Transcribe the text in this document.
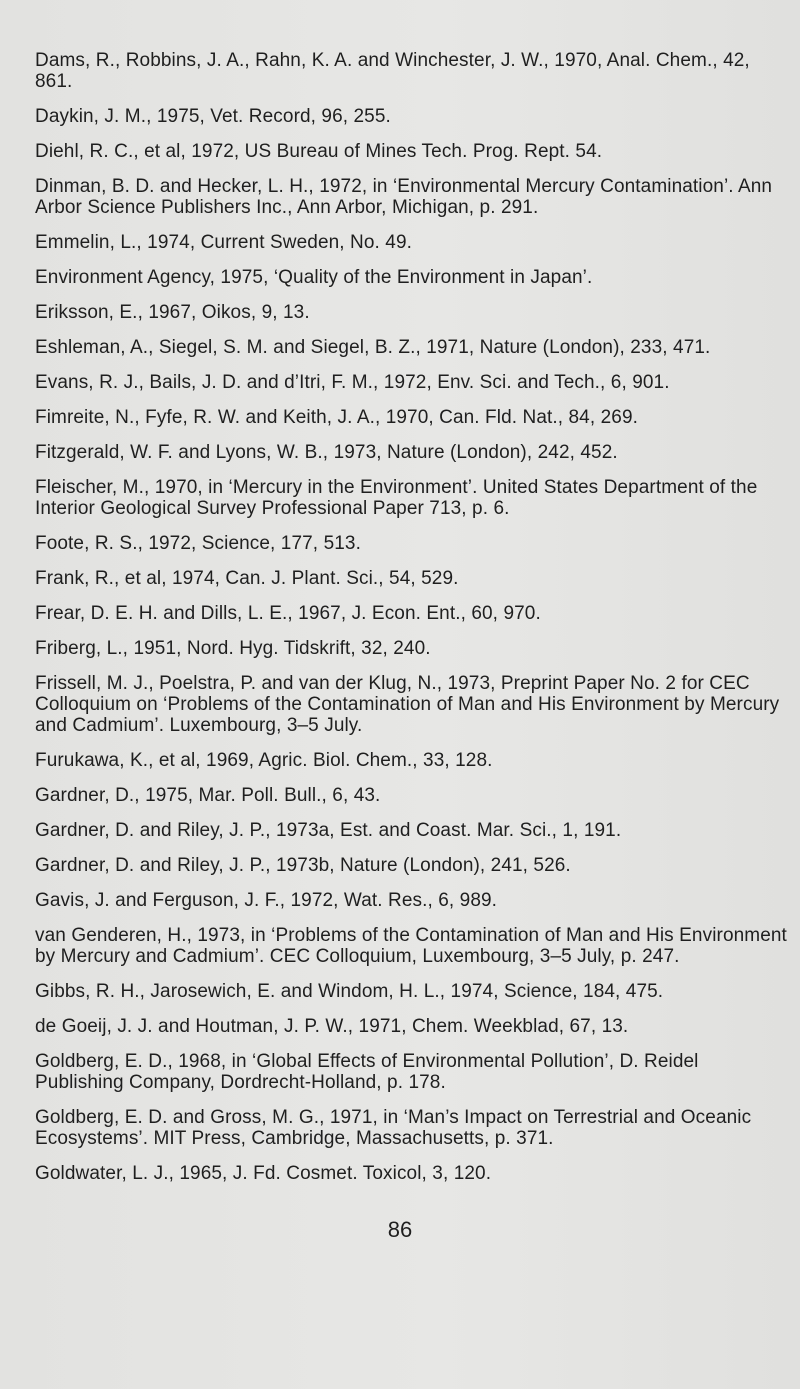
Dams, R., Robbins, J. A., Rahn, K. A. and Winchester, J. W., 1970, Anal. Chem., 42, 861.
Daykin, J. M., 1975, Vet. Record, 96, 255.
Diehl, R. C., et al, 1972, US Bureau of Mines Tech. Prog. Rept. 54.
Dinman, B. D. and Hecker, L. H., 1972, in ‘Environmental Mercury Contamination’. Ann Arbor Science Publishers Inc., Ann Arbor, Michigan, p. 291.
Emmelin, L., 1974, Current Sweden, No. 49.
Environment Agency, 1975, ‘Quality of the Environment in Japan’.
Eriksson, E., 1967, Oikos, 9, 13.
Eshleman, A., Siegel, S. M. and Siegel, B. Z., 1971, Nature (London), 233, 471.
Evans, R. J., Bails, J. D. and d’Itri, F. M., 1972, Env. Sci. and Tech., 6, 901.
Fimreite, N., Fyfe, R. W. and Keith, J. A., 1970, Can. Fld. Nat., 84, 269.
Fitzgerald, W. F. and Lyons, W. B., 1973, Nature (London), 242, 452.
Fleischer, M., 1970, in ‘Mercury in the Environment’. United States Department of the Interior Geological Survey Professional Paper 713, p. 6.
Foote, R. S., 1972, Science, 177, 513.
Frank, R., et al, 1974, Can. J. Plant. Sci., 54, 529.
Frear, D. E. H. and Dills, L. E., 1967, J. Econ. Ent., 60, 970.
Friberg, L., 1951, Nord. Hyg. Tidskrift, 32, 240.
Frissell, M. J., Poelstra, P. and van der Klug, N., 1973, Preprint Paper No. 2 for CEC Colloquium on ‘Problems of the Contamination of Man and His Environment by Mercury and Cadmium’. Luxembourg, 3–5 July.
Furukawa, K., et al, 1969, Agric. Biol. Chem., 33, 128.
Gardner, D., 1975, Mar. Poll. Bull., 6, 43.
Gardner, D. and Riley, J. P., 1973a, Est. and Coast. Mar. Sci., 1, 191.
Gardner, D. and Riley, J. P., 1973b, Nature (London), 241, 526.
Gavis, J. and Ferguson, J. F., 1972, Wat. Res., 6, 989.
van Genderen, H., 1973, in ‘Problems of the Contamination of Man and His Environment by Mercury and Cadmium’. CEC Colloquium, Luxembourg, 3–5 July, p. 247.
Gibbs, R. H., Jarosewich, E. and Windom, H. L., 1974, Science, 184, 475.
de Goeij, J. J. and Houtman, J. P. W., 1971, Chem. Weekblad, 67, 13.
Goldberg, E. D., 1968, in ‘Global Effects of Environmental Pollution’, D. Reidel Publishing Company, Dordrecht-Holland, p. 178.
Goldberg, E. D. and Gross, M. G., 1971, in ‘Man’s Impact on Terrestrial and Oceanic Ecosystems’. MIT Press, Cambridge, Massachusetts, p. 371.
Goldwater, L. J., 1965, J. Fd. Cosmet. Toxicol, 3, 120.
86
